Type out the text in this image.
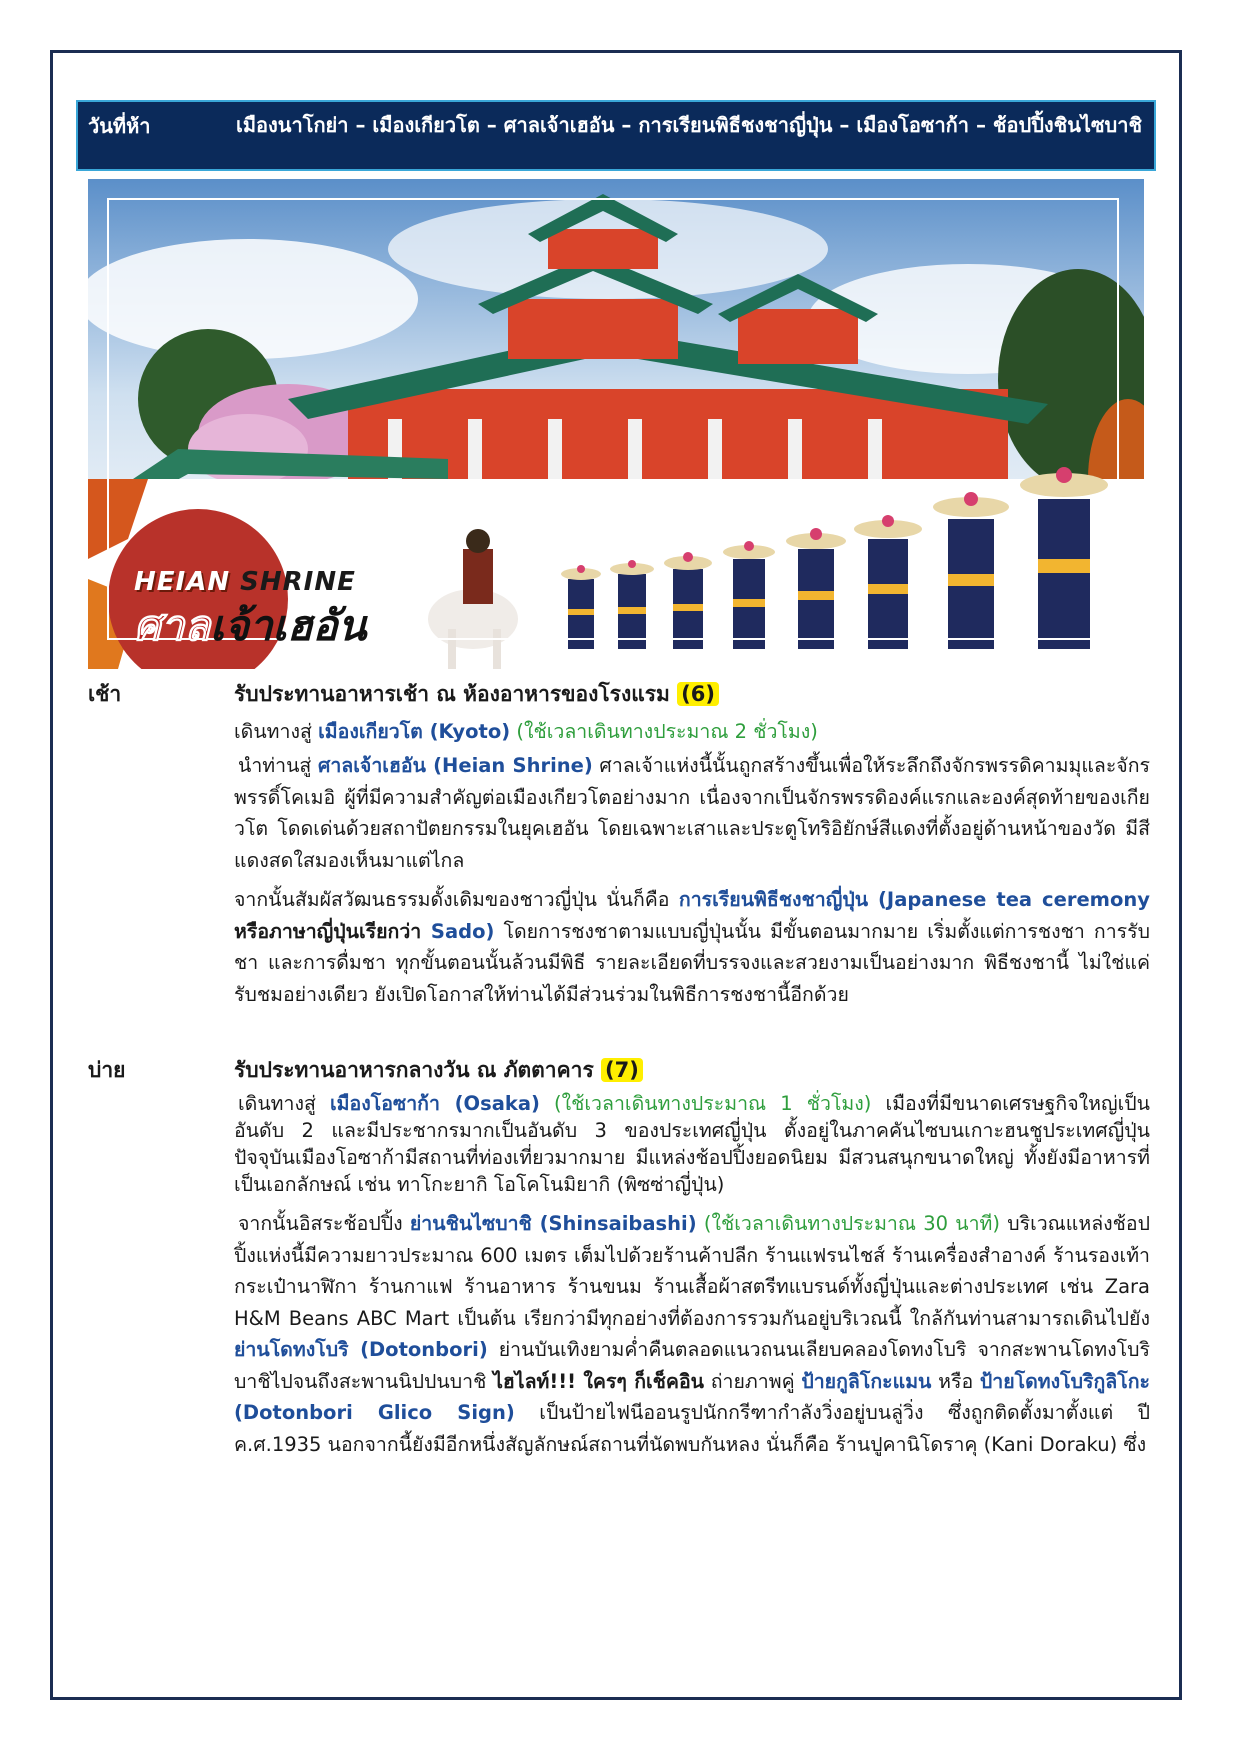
วันที่ห้า	เมืองนาโกย่า – เมืองเกียวโต – ศาลเจ้าเฮอัน – การเรียนพิธีชงชาญี่ปุ่น – เมืองโอซาก้า – ช้อปปิ้งชินไซบาชิ
HEIAN SHRINE
ศาลเจ้าเฮอัน
เช้า	รับประทานอาหารเช้า ณ ห้องอาหารของโรงแรม (6)
เดินทางสู่ เมืองเกียวโต (Kyoto) (ใช้เวลาเดินทางประมาณ 2 ชั่วโมง)
นำท่านสู่ ศาลเจ้าเฮอัน (Heian Shrine) ศาลเจ้าแห่งนี้นั้นถูกสร้างขึ้นเพื่อให้ระลึกถึงจักรพรรดิคามมุและจักรพรรดิ์โคเมอิ ผู้ที่มีความสำคัญต่อเมืองเกียวโตอย่างมาก เนื่องจากเป็นจักรพรรดิองค์แรกและองค์สุดท้ายของเกียวโต โดดเด่นด้วยสถาปัตยกรรมในยุคเฮอัน โดยเฉพาะเสาและประตูโทริอิยักษ์สีแดงที่ตั้งอยู่ด้านหน้าของวัด มีสีแดงสดใสมองเห็นมาแต่ไกล
จากนั้นสัมผัสวัฒนธรรมดั้งเดิมของชาวญี่ปุ่น นั่นก็คือ การเรียนพิธีชงชาญี่ปุ่น (Japanese tea ceremony หรือภาษาญี่ปุ่นเรียกว่า Sado) โดยการชงชาตามแบบญี่ปุ่นนั้น มีขั้นตอนมากมาย เริ่มตั้งแต่การชงชา การรับชา และการดื่มชา ทุกขั้นตอนนั้นล้วนมีพิธี รายละเอียดที่บรรจงและสวยงามเป็นอย่างมาก พิธีชงชานี้ ไม่ใช่แค่รับชมอย่างเดียว ยังเปิดโอกาสให้ท่านได้มีส่วนร่วมในพิธีการชงชานี้อีกด้วย
บ่าย	รับประทานอาหารกลางวัน ณ ภัตตาคาร (7)
เดินทางสู่ เมืองโอซาก้า (Osaka) (ใช้เวลาเดินทางประมาณ 1 ชั่วโมง) เมืองที่มีขนาดเศรษฐกิจใหญ่เป็นอันดับ 2 และมีประชากรมากเป็นอันดับ 3 ของประเทศญี่ปุ่น ตั้งอยู่ในภาคคันไซบนเกาะฮนชูประเทศญี่ปุ่น ปัจจุบันเมืองโอซาก้ามีสถานที่ท่องเที่ยวมากมาย มีแหล่งช้อปปิ้งยอดนิยม มีสวนสนุกขนาดใหญ่ ทั้งยังมีอาหารที่เป็นเอกลักษณ์ เช่น ทาโกะยากิ โอโคโนมิยากิ (พิซซ่าญี่ปุ่น)
จากนั้นอิสระช้อปปิ้ง ย่านชินไซบาชิ (Shinsaibashi) (ใช้เวลาเดินทางประมาณ 30 นาที) บริเวณแหล่งช้อปปิ้งแห่งนี้มีความยาวประมาณ 600 เมตร เต็มไปด้วยร้านค้าปลีก ร้านแฟรนไชส์ ร้านเครื่องสำอางค์ ร้านรองเท้า กระเป๋านาฬิกา ร้านกาแฟ ร้านอาหาร ร้านขนม ร้านเสื้อผ้าสตรีทแบรนด์ทั้งญี่ปุ่นและต่างประเทศ เช่น Zara H&M Beans ABC Mart เป็นต้น เรียกว่ามีทุกอย่างที่ต้องการรวมกันอยู่บริเวณนี้ ใกล้กันท่านสามารถเดินไปยัง ย่านโดทงโบริ (Dotonbori) ย่านบันเทิงยามค่ำคืนตลอดแนวถนนเลียบคลองโดทงโบริ จากสะพานโดทงโบริบาชิไปจนถึงสะพานนิปปนบาชิ ไฮไลท์!!! ใครๆ ก็เช็คอิน ถ่ายภาพคู่ ป้ายกูลิโกะแมน หรือ ป้ายโดทงโบริกูลิโกะ (Dotonbori Glico Sign) เป็นป้ายไฟนีออนรูปนักกรีฑากำลังวิ่งอยู่บนลู่วิ่ง ซึ่งถูกติดตั้งมาตั้งแต่ ปี ค.ศ.1935 นอกจากนี้ยังมีอีกหนึ่งสัญลักษณ์สถานที่นัดพบกันหลง นั่นก็คือ ร้านปูคานิโดราคุ (Kani Doraku) ซึ่ง
